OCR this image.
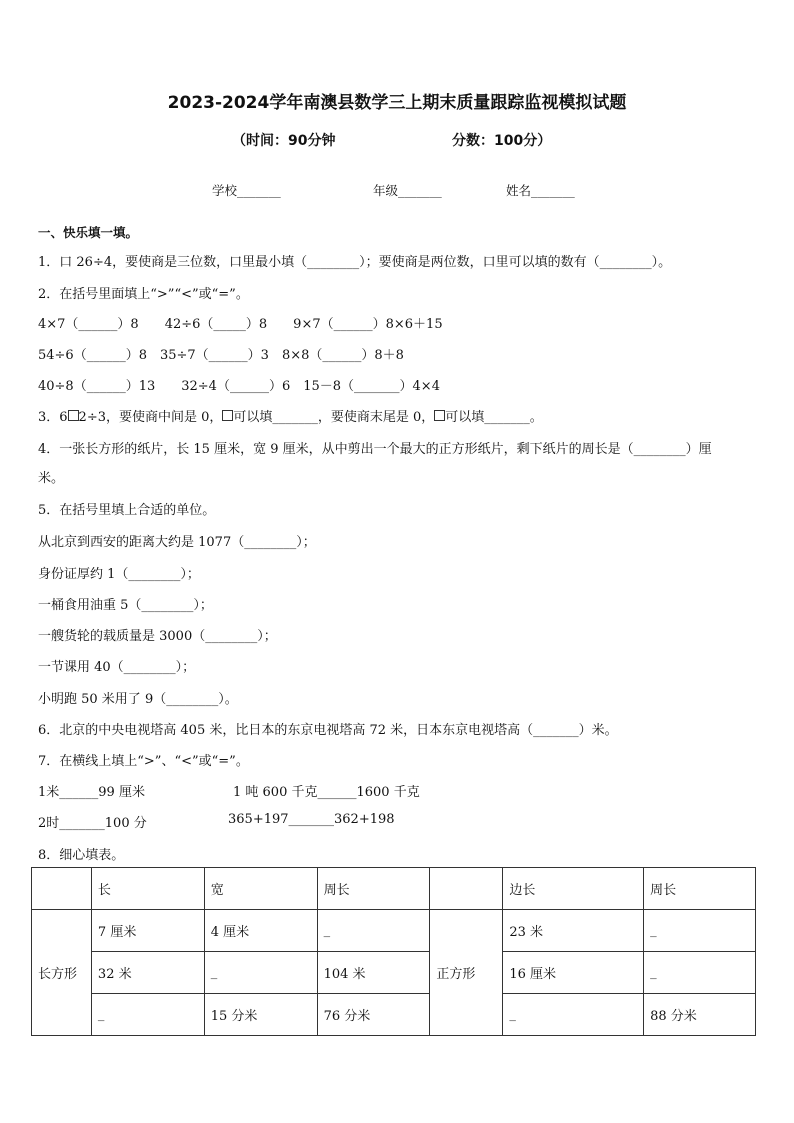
2023-2024学年南澳县数学三上期末质量跟踪监视模拟试题
（时间：90分钟	分数：100分）
学校_______	年级_______	姓名_______
一、快乐填一填。
1．口 26÷4，要使商是三位数，口里最小填（________）；要使商是两位数，口里可以填的数有（________）。
2．在括号里面填上“>”“<”或“=”。
4×7（______）8　　42÷6（_____）8　　9×7（______）8×6＋15
54÷6（______）8　35÷7（______）3　8×8（______）8＋8
40÷8（______）13　　32÷4（______）6　15－8（_______）4×4
3．6 2÷3，要使商中间是 0， 可以填_______，要使商末尾是 0， 可以填_______。
4．一张长方形的纸片，长 15 厘米，宽 9 厘米，从中剪出一个最大的正方形纸片，剩下纸片的周长是（________）厘
米。
5．在括号里填上合适的单位。
从北京到西安的距离大约是 1077（________）；
身份证厚约 1（________）；
一桶食用油重 5（________）；
一艘货轮的载质量是 3000（________）；
一节课用 40（________）；
小明跑 50 米用了 9（________）。
6．北京的中央电视塔高 405 米，比日本的东京电视塔高 72 米，日本东京电视塔高（_______）米。
7．在横线上填上“>”、“<”或“=”。
1米______99 厘米	1 吨 600 千克______1600 千克
2时_______100 分	365+197_______362+198
8．细心填表。
	长	宽	周长		边长	周长
长方形	7 厘米	4 厘米	_	正方形	23 米	_
	32 米	_	104 米		16 厘米	_
	_	15 分米	76 分米		_	88 分米
